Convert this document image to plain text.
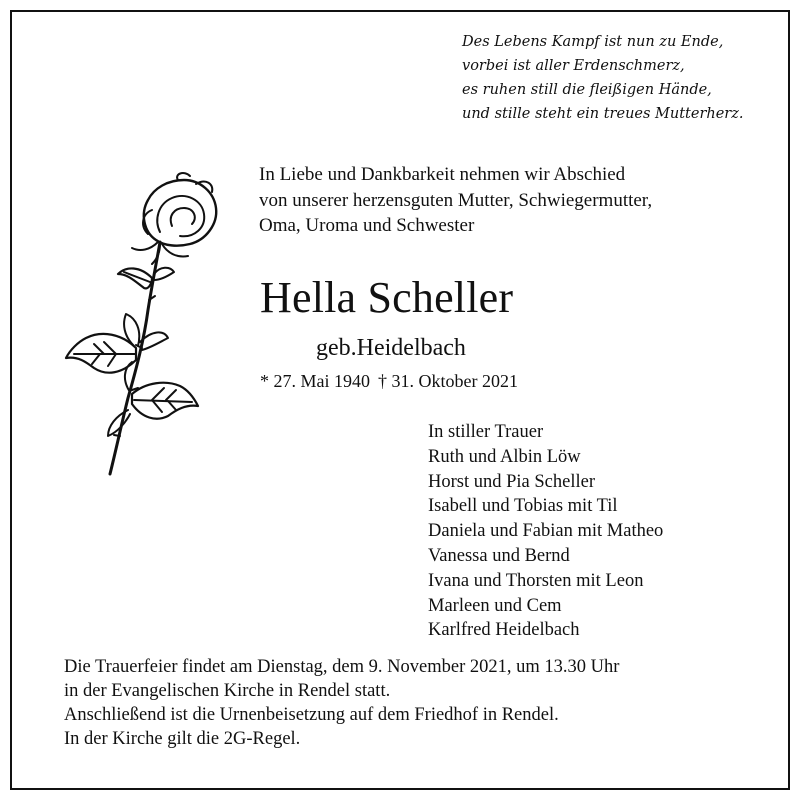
Des Lebens Kampf ist nun zu Ende,
vorbei ist aller Erdenschmerz,
es ruhen still die fleißigen Hände,
und stille steht ein treues Mutterherz.
In Liebe und Dankbarkeit nehmen wir Abschied
von unserer herzensguten Mutter, Schwiegermutter,
Oma, Uroma und Schwester
Hella Scheller
geb.Heidelbach
* 27. Mai 1940 † 31. Oktober 2021
In stiller Trauer
Ruth und Albin Löw
Horst und Pia Scheller
Isabell und Tobias mit Til
Daniela und Fabian mit Matheo
Vanessa und Bernd
Ivana und Thorsten mit Leon
Marleen und Cem
Karlfred Heidelbach
Die Trauerfeier findet am Dienstag, dem 9. November 2021, um 13.30 Uhr
in der Evangelischen Kirche in Rendel statt.
Anschließend ist die Urnenbeisetzung auf dem Friedhof in Rendel.
In der Kirche gilt die 2G-Regel.
